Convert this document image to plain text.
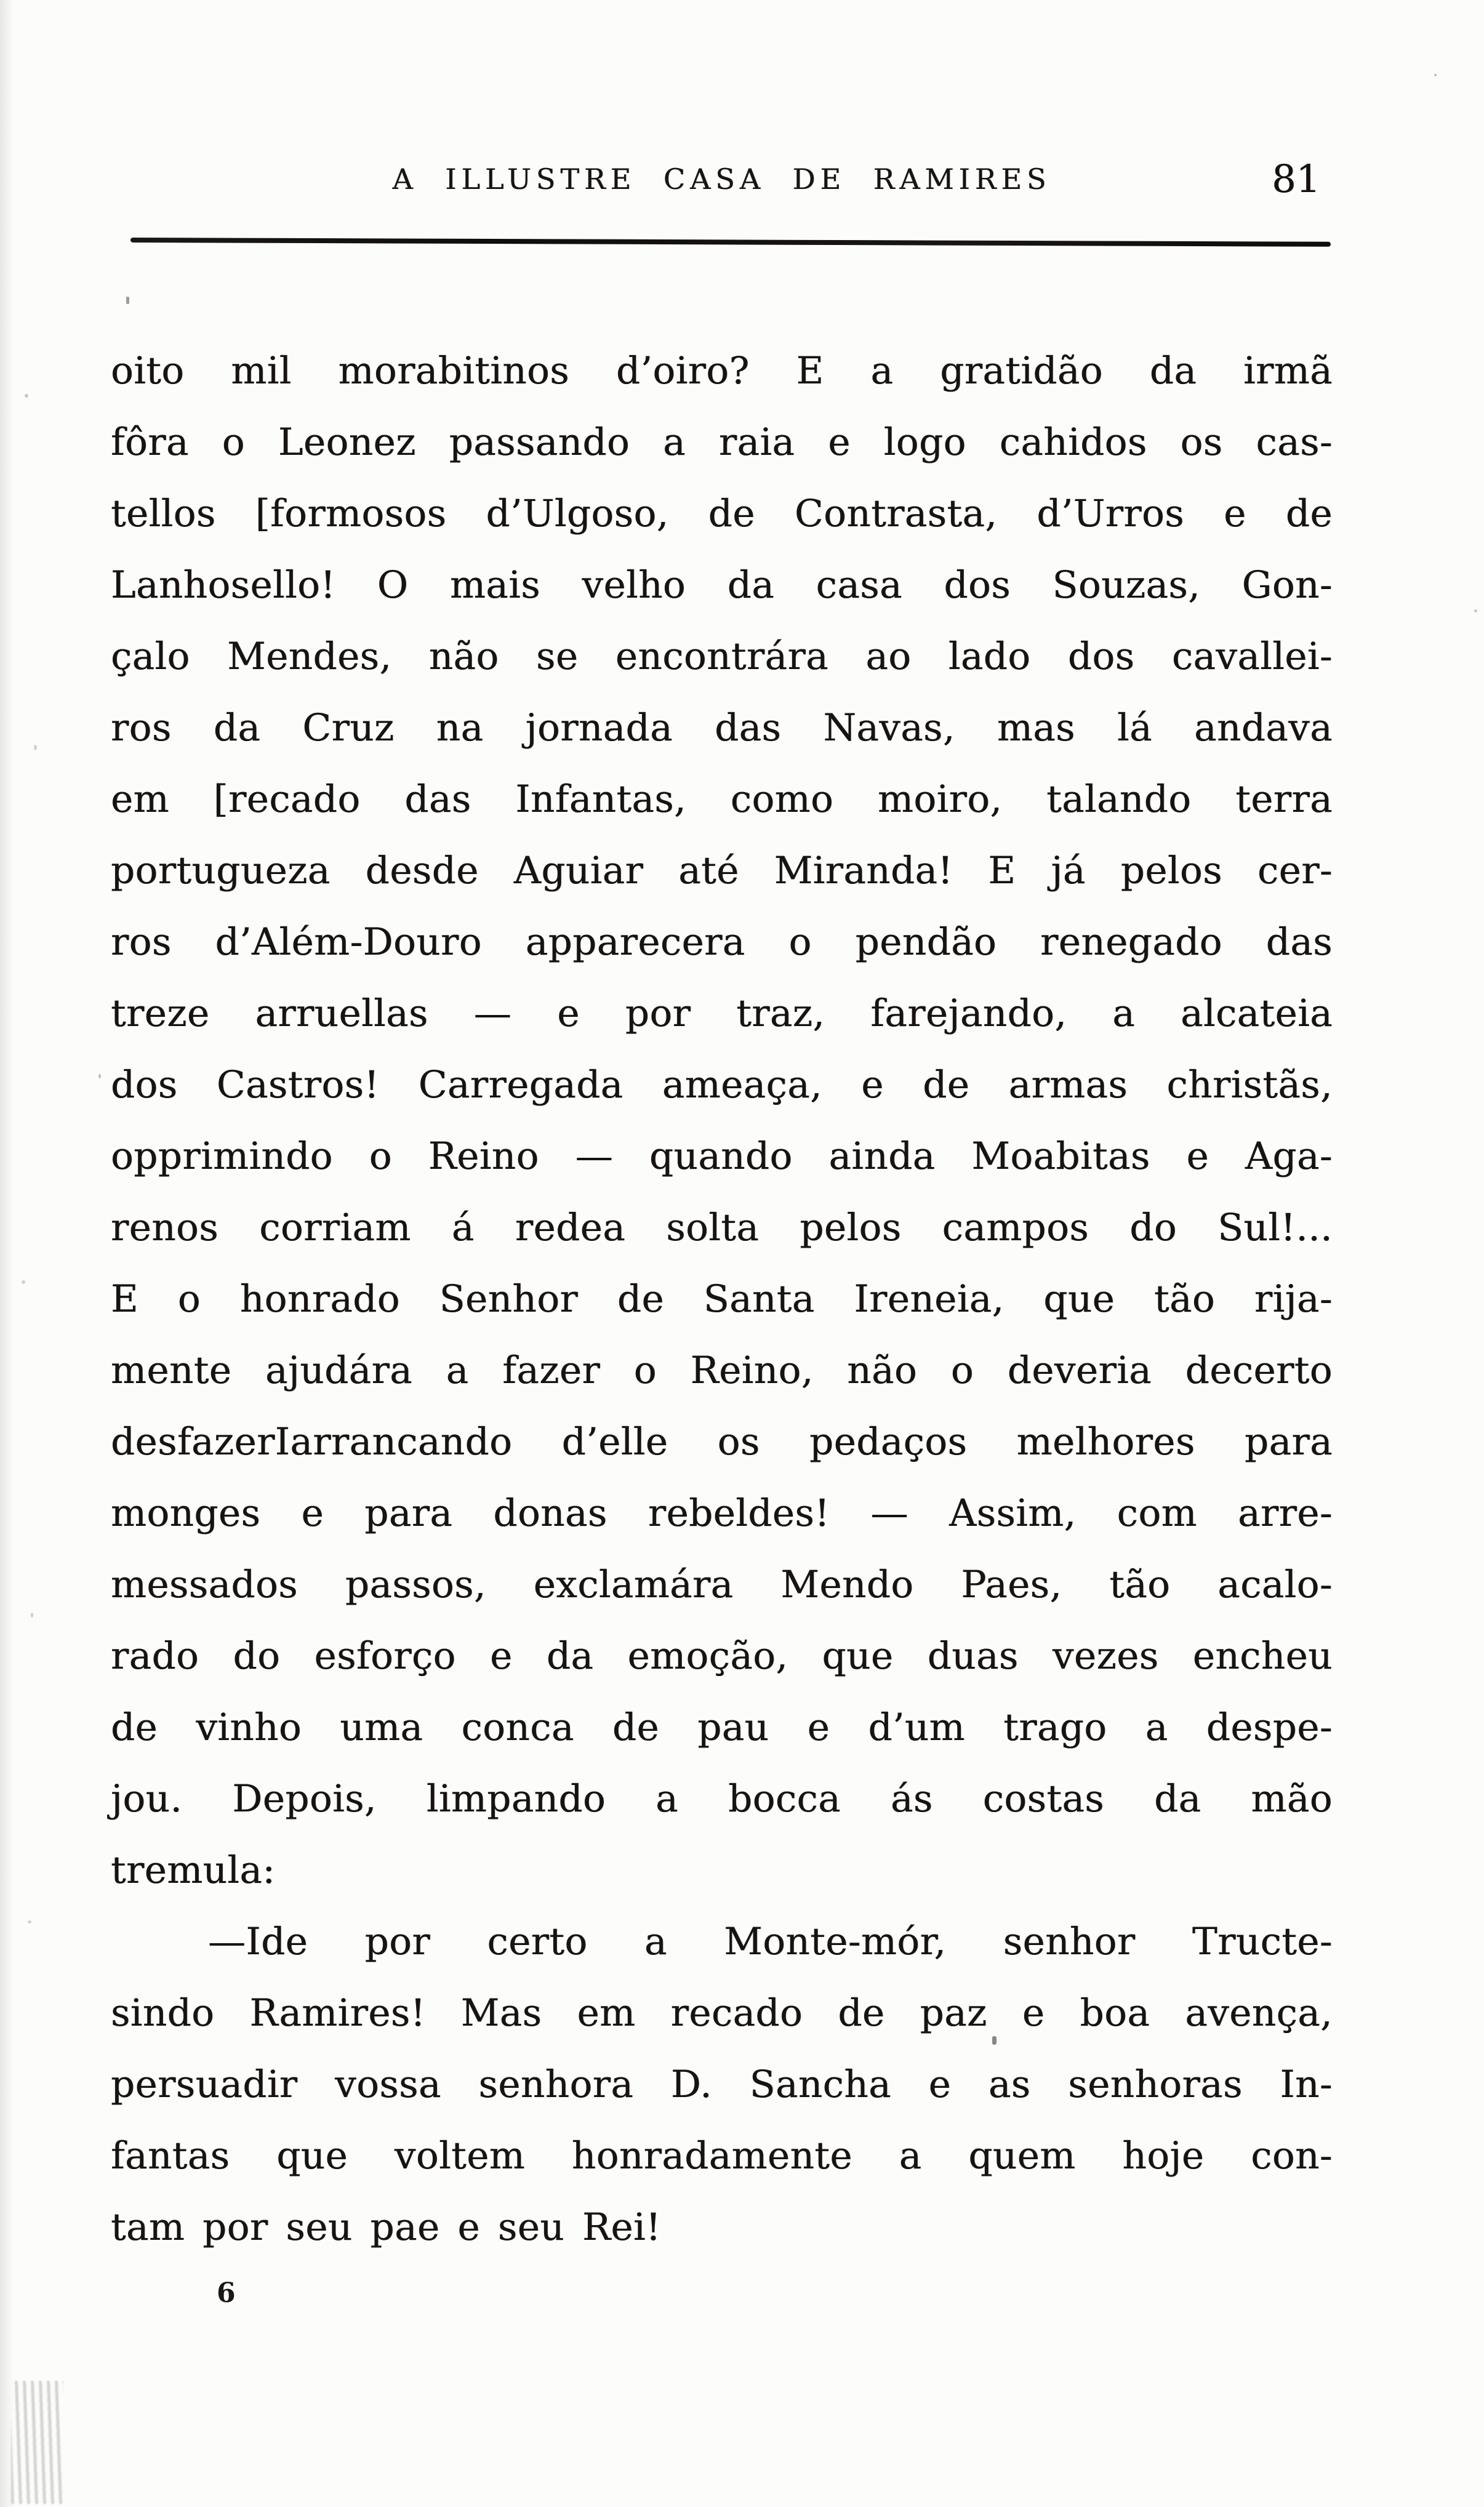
A ILLUSTRE CASA DE RAMIRES	81
oito mil morabitinos d’oiro? E a gratidão da irmã
fôra o Leonez passando a raia e logo cahidos os cas-
tellos [formosos d’Ulgoso, de Contrasta, d’Urros e de
Lanhosello! O mais velho da casa dos Souzas, Gon-
çalo Mendes, não se encontrára ao lado dos cavallei-
ros da Cruz na jornada das Navas, mas lá andava
em [recado das Infantas, como moiro, talando terra
portugueza desde Aguiar até Miranda! E já pelos cer-
ros d’Além-Douro apparecera o pendão renegado das
treze arruellas — e por traz, farejando, a alcateia
dos Castros! Carregada ameaça, e de armas christãs,
opprimindo o Reino — quando ainda Moabitas e Aga-
renos corriam á redea solta pelos campos do Sul!...
E o honrado Senhor de Santa Ireneia, que tão rija-
mente ajudára a fazer o Reino, não o deveria decerto
desfazerIarrancando d’elle os pedaços melhores para
monges e para donas rebeldes! — Assim, com arre-
messados passos, exclamára Mendo Paes, tão acalo-
rado do esforço e da emoção, que duas vezes encheu
de vinho uma conca de pau e d’um trago a despe-
jou. Depois, limpando a bocca ás costas da mão
tremula:
—Ide por certo a Monte-mór, senhor Tructe-
sindo Ramires! Mas em recado de paz e boa avença,
persuadir vossa senhora D. Sancha e as senhoras In-
fantas que voltem honradamente a quem hoje con-
tam por seu pae e seu Rei!
6
